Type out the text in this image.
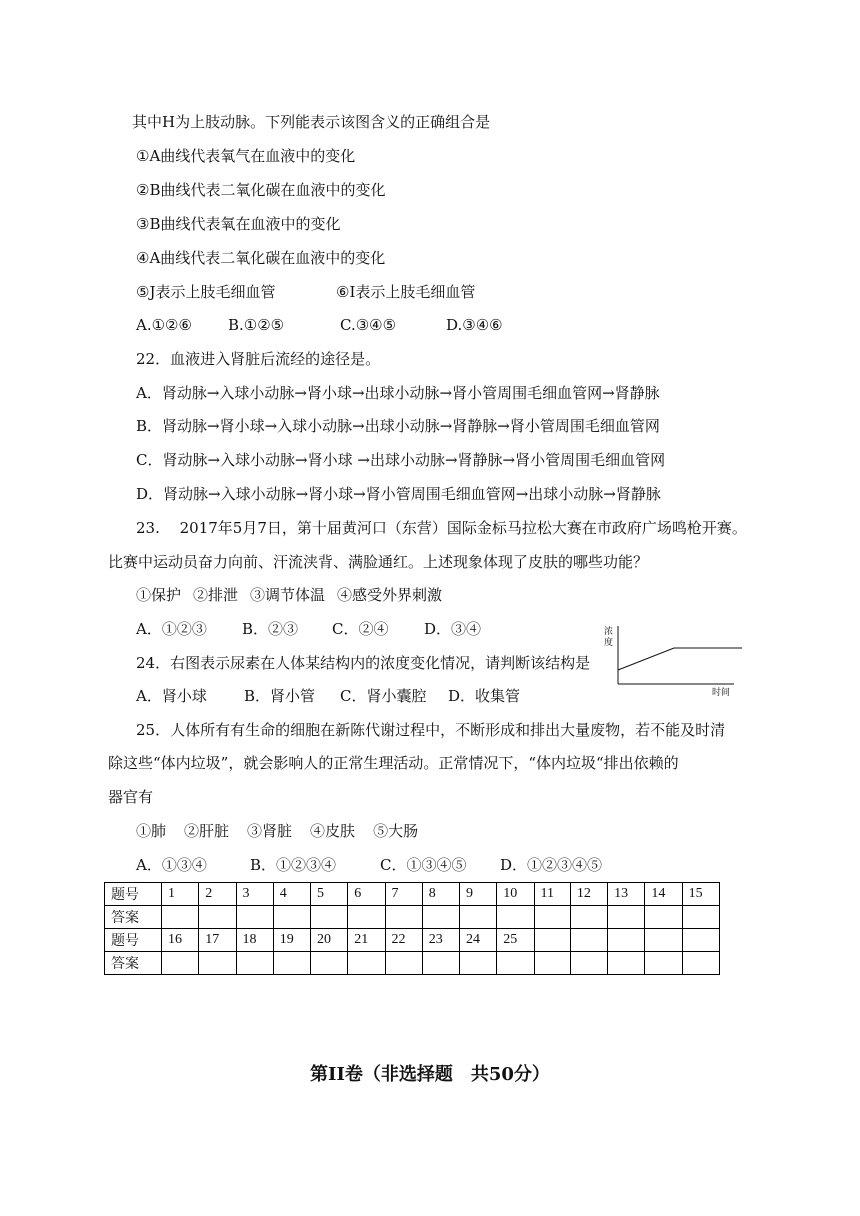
其中H为上肢动脉。下列能表示该图含义的正确组合是
①A曲线代表氧气在血液中的变化
②B曲线代表二氧化碳在血液中的变化
③B曲线代表氧在血液中的变化
④A曲线代表二氧化碳在血液中的变化
⑤J表示上肢毛细血管	⑥I表示上肢毛细血管
A.①②⑥ B.①②⑤	C.③④⑤	D.③④⑥
22．血液进入肾脏后流经的途径是。
A．肾动脉→入球小动脉→肾小球→出球小动脉→肾小管周围毛细血管网→肾静脉
B．肾动脉→肾小球→入球小动脉→出球小动脉→肾静脉→肾小管周围毛细血管网
C．肾动脉→入球小动脉→肾小球 →出球小动脉→肾静脉→肾小管周围毛细血管网
D．肾动脉→入球小动脉→肾小球→肾小管周围毛细血管网→出球小动脉→肾静脉
23.　 2017年5月7日，第十届黄河口（东营）国际金标马拉松大赛在市政府广场鸣枪开赛。
比赛中运动员奋力向前、汗流浃背、满脸通红。上述现象体现了皮肤的哪些功能？
①保护 ②排泄 ③调节体温 ④感受外界刺激
A．①②③ B．②③ C．②④ D．③④
24．右图表示尿素在人体某结构内的浓度变化情况，请判断该结构是
A．肾小球 B．肾小管 C．肾小囊腔 D．收集管
浓
度
时间
25．人体所有有生命的细胞在新陈代谢过程中，不断形成和排出大量废物，若不能及时清
除这些“体内垃圾”，就会影响人的正常生理活动。正常情况下，“体内垃圾“排出依赖的
器官有
①肺 ②肝脏 ③肾脏 ④皮肤 ⑤大肠
A．①③④	B．①②③④	C．①③④⑤ D．①②③④⑤
题号	1	2	3	4	5	6	7	8	9	10	11	12	13	14	15
答案															
题号	16	17	18	19	20	21	22	23	24	25					
答案															
第II卷（非选择题　共50分）
